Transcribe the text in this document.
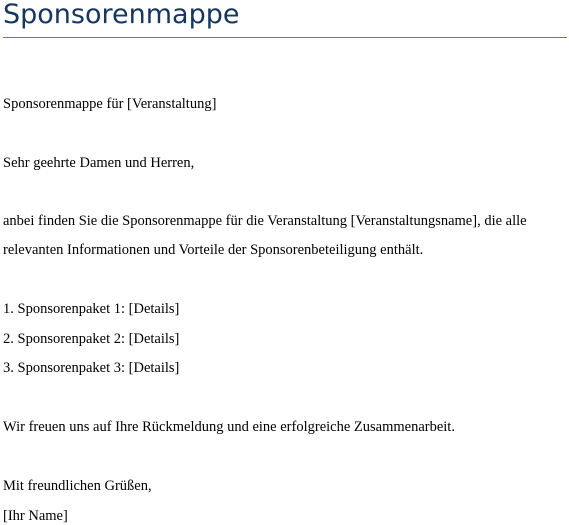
Sponsorenmappe

Sponsorenmappe für [Veranstaltung]

Sehr geehrte Damen und Herren,

anbei finden Sie die Sponsorenmappe für die Veranstaltung [Veranstaltungsname], die alle

relevanten Informationen und Vorteile der Sponsorenbeteiligung enthält.

1. Sponsorenpaket 1: [Details]

2. Sponsorenpaket 2: [Details]

3. Sponsorenpaket 3: [Details]

Wir freuen uns auf Ihre Rückmeldung und eine erfolgreiche Zusammenarbeit.

Mit freundlichen Grüßen,

[Ihr Name]
